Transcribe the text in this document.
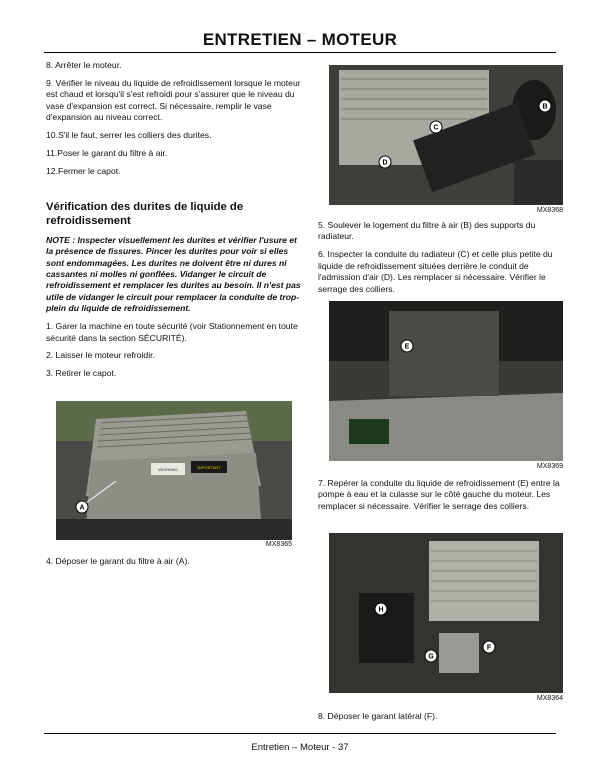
ENTRETIEN – MOTEUR

8. Arrêter le moteur.

9. Vérifier le niveau du liquide de refroidissement lorsque le moteur est chaud et lorsqu'il s'est refroidi pour s'assurer que le niveau du vase d'expansion est correct. Si nécessaire, remplir le vase d'expansion au niveau correct.

10.S'il le faut, serrer les colliers des durites.

11.Poser le garant du filtre à air.

12.Fermer le capot.

Vérification des durites de liquide de refroidissement

NOTE : Inspecter visuellement les durites et vérifier l'usure et la présence de fissures. Pincer les durites pour voir si elles sont endommagées. Les durites ne doivent être ni dures ni cassantes ni molles ni gonflées. Vidanger le circuit de refroidissement et remplacer les durites au besoin. Il n'est pas utile de vidanger le circuit pour remplacer la conduite de trop-plein du liquide de refroidissement.

1. Garer la machine en toute sécurité (voir Stationnement en toute sécurité dans la section SÉCURITÉ).

2. Laisser le moteur refroidir.

3. Retirer le capot.

A
WARNING	IMPORTANT
MX8365

4. Déposer le garant du filtre à air (A).

B
C
D
MX8368

5. Soulever le logement du filtre à air (B) des supports du radiateur.

6. Inspecter la conduite du radiateur (C) et celle plus petite du liquide de refroidissement situées derrière le conduit de l'admission d'air (D). Les remplacer si nécessaire. Vérifier le serrage des colliers.

E
MX8369

7. Repérer la conduite du liquide de refroidissement (E) entre la pompe à eau et la culasse sur le côté gauche du moteur. Les remplacer si nécessaire. Vérifier le serrage des colliers.

H
F
G
MX8364

8. Déposer le garant latéral (F).

Entretien – Moteur - 37
